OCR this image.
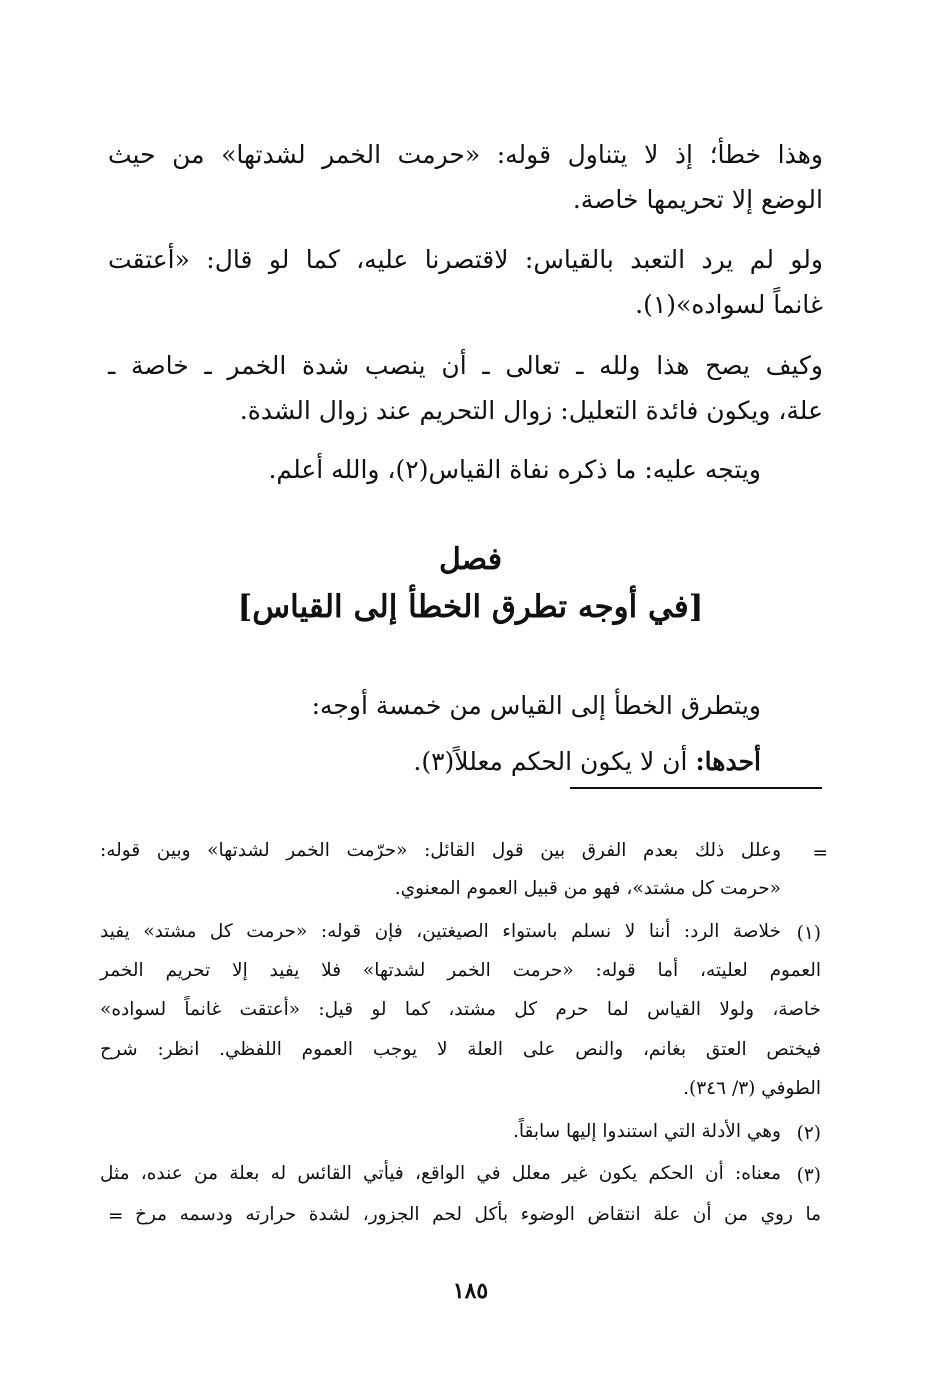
وهذا خطأ؛ إذ لا يتناول قوله: «حرمت الخمر لشدتها» من حيث
الوضع إلا تحريمها خاصة.
ولو لم يرد التعبد بالقياس: لاقتصرنا عليه، كما لو قال: «أعتقت
غانماً لسواده»(١).
وكيف يصح هذا ولله ـ تعالى ـ أن ينصب شدة الخمر ـ خاصة ـ
علة، ويكون فائدة التعليل: زوال التحريم عند زوال الشدة.
ويتجه عليه: ما ذكره نفاة القياس(٢)، والله أعلم.
فصل
[في أوجه تطرق الخطأ إلى القياس]
ويتطرق الخطأ إلى القياس من خمسة أوجه:
أحدها: أن لا يكون الحكم معللاً(٣).
=
وعلل ذلك بعدم الفرق بين قول القائل: «حرّمت الخمر لشدتها» وبين قوله:
«حرمت كل مشتد»، فهو من قبيل العموم المعنوي.
(١)
خلاصة الرد: أننا لا نسلم باستواء الصيغتين، فإن قوله: «حرمت كل مشتد» يفيد
العموم لعليته، أما قوله: «حرمت الخمر لشدتها» فلا يفيد إلا تحريم الخمر
خاصة، ولولا القياس لما حرم كل مشتد، كما لو قيل: «أعتقت غانماً لسواده»
فيختص العتق بغانم، والنص على العلة لا يوجب العموم اللفظي. انظر: شرح
الطوفي (٣/ ٣٤٦).
(٢)
وهي الأدلة التي استندوا إليها سابقاً.
(٣)
معناه: أن الحكم يكون غير معلل في الواقع، فيأتي القائس له بعلة من عنده، مثل
ما روي من أن علة انتقاض الوضوء بأكل لحم الجزور، لشدة حرارته ودسمه مرخ
=
١٨٥
